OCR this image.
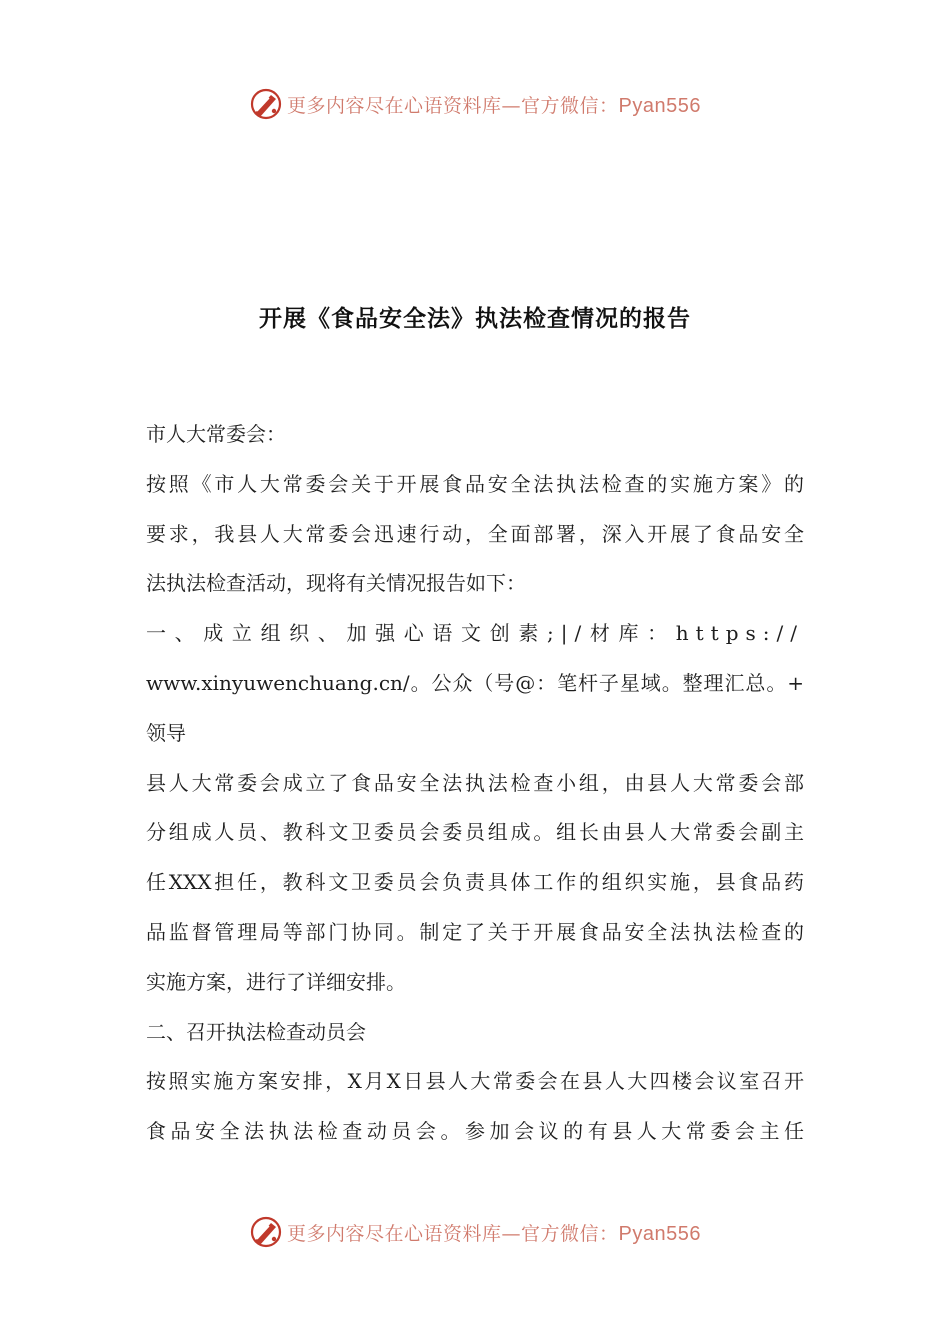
更多内容尽在心语资料库—官方微信：Pyan556
开展《食品安全法》执法检查情况的报告
市人大常委会：
按照《市人大常委会关于开展食品安全法执法检查的实施方案》的
要求，我县人大常委会迅速行动，全面部署，深入开展了食品安全
法执法检查活动，现将有关情况报告如下：
一、成立组织、加强心语文创素;|/材库：https://
www.xinyuwenchuang.cn/。公众（号@：笔杆子星域。整理汇总。+
领导
县人大常委会成立了食品安全法执法检查小组，由县人大常委会部
分组成人员、教科文卫委员会委员组成。组长由县人大常委会副主
任XXX担任，教科文卫委员会负责具体工作的组织实施，县食品药
品监督管理局等部门协同。制定了关于开展食品安全法执法检查的
实施方案，进行了详细安排。
二、召开执法检查动员会
按照实施方案安排，X月X日县人大常委会在县人大四楼会议室召开
食品安全法执法检查动员会。参加会议的有县人大常委会主任
更多内容尽在心语资料库—官方微信：Pyan556
